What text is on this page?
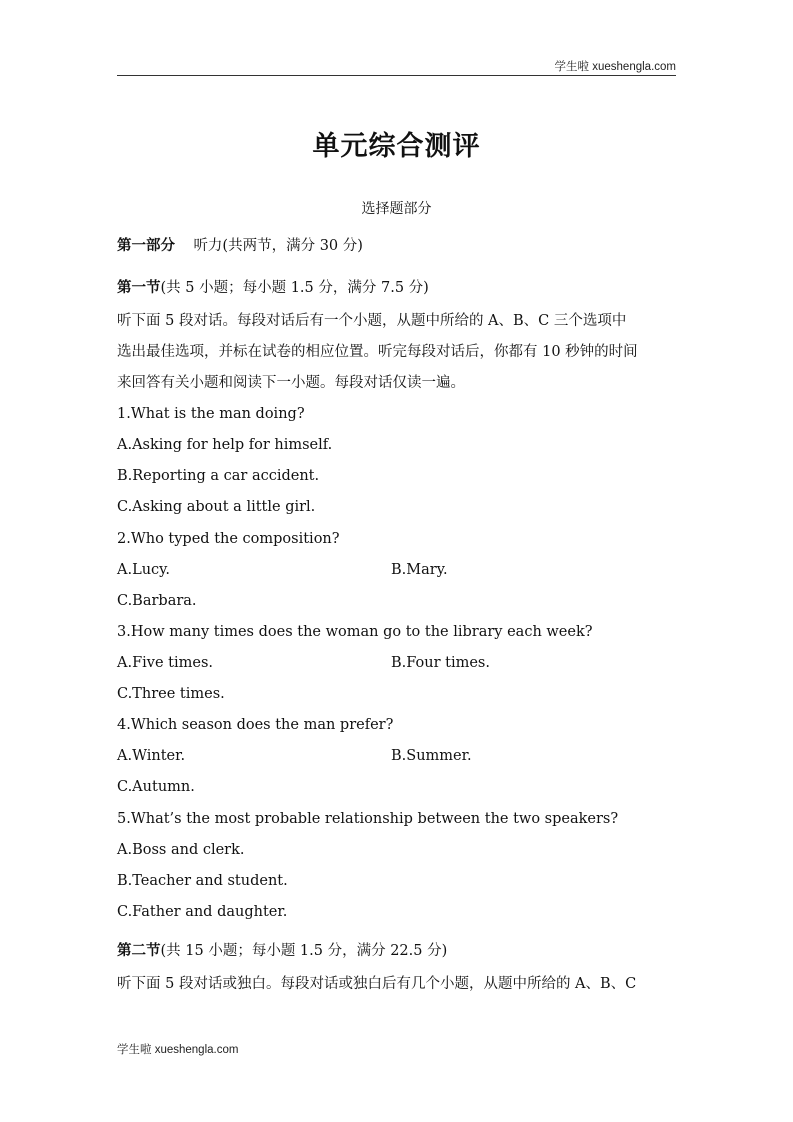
学生啦 xueshengla.com
单元综合测评
选择题部分
第一部分 听力(共两节，满分 30 分)
第一节(共 5 小题；每小题 1.5 分，满分 7.5 分)
听下面 5 段对话。每段对话后有一个小题，从题中所给的 A、B、C 三个选项中
选出最佳选项，并标在试卷的相应位置。听完每段对话后，你都有 10 秒钟的时间
来回答有关小题和阅读下一小题。每段对话仅读一遍。
1.What is the man doing?
A.Asking for help for himself.
B.Reporting a car accident.
C.Asking about a little girl.
2.Who typed the composition?
A.Lucy.	B.Mary.
C.Barbara.
3.How many times does the woman go to the library each week?
A.Five times.	B.Four times.
C.Three times.
4.Which season does the man prefer?
A.Winter.	B.Summer.
C.Autumn.
5.What’s the most probable relationship between the two speakers?
A.Boss and clerk.
B.Teacher and student.
C.Father and daughter.
第二节(共 15 小题；每小题 1.5 分，满分 22.5 分)
听下面 5 段对话或独白。每段对话或独白后有几个小题，从题中所给的 A、B、C
学生啦 xueshengla.com
